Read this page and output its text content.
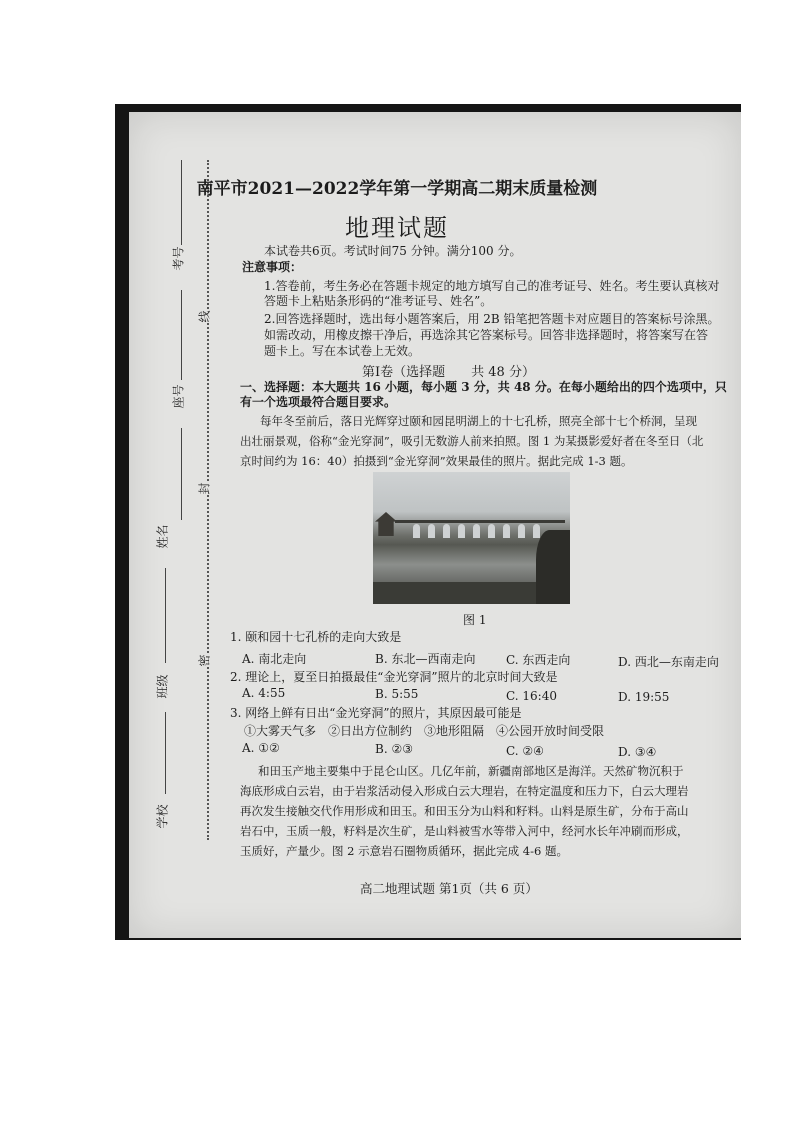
考号
座号
姓名
班级
学校
线
封
密
南平市2021—2022学年第一学期高二期末质量检测
地理试题
本试卷共6页。考试时间75 分钟。满分100 分。
注意事项：
1.答卷前，考生务必在答题卡规定的地方填写自己的准考证号、姓名。考生要认真核对
答题卡上粘贴条形码的“准考证号、姓名”。
2.回答选择题时，选出每小题答案后，用 2B 铅笔把答题卡对应题目的答案标号涂黑。
如需改动，用橡皮擦干净后，再选涂其它答案标号。回答非选择题时，将答案写在答
题卡上。写在本试卷上无效。
第Ⅰ卷（选择题　　共 48 分）
一、选择题：本大题共 16 小题，每小题 3 分，共 48 分。在每小题给出的四个选项中，只
有一个选项最符合题目要求。
每年冬至前后，落日光辉穿过颐和园昆明湖上的十七孔桥，照亮全部十七个桥洞，呈现
出壮丽景观，俗称“金光穿洞”，吸引无数游人前来拍照。图 1 为某摄影爱好者在冬至日（北
京时间约为 16：40）拍摄到“金光穿洞”效果最佳的照片。据此完成 1-3 题。
图 1
1. 颐和园十七孔桥的走向大致是
A. 南北走向	B. 东北—西南走向	C. 东西走向	D. 西北—东南走向
2. 理论上，夏至日拍摄最佳“金光穿洞”照片的北京时间大致是
A. 4:55	B. 5:55	C. 16:40	D. 19:55
3. 网络上鲜有日出“金光穿洞”的照片，其原因最可能是
①大雾天气多　②日出方位制约　③地形阻隔　④公园开放时间受限
A. ①②	B. ②③	C. ②④	D. ③④
和田玉产地主要集中于昆仑山区。几亿年前，新疆南部地区是海洋。天然矿物沉积于
海底形成白云岩，由于岩浆活动侵入形成白云大理岩，在特定温度和压力下，白云大理岩
再次发生接触交代作用形成和田玉。和田玉分为山料和籽料。山料是原生矿，分布于高山
岩石中，玉质一般，籽料是次生矿，是山料被雪水等带入河中，经河水长年冲刷而形成，
玉质好，产量少。图 2 示意岩石圈物质循环，据此完成 4-6 题。
高二地理试题 第1页（共 6 页）
